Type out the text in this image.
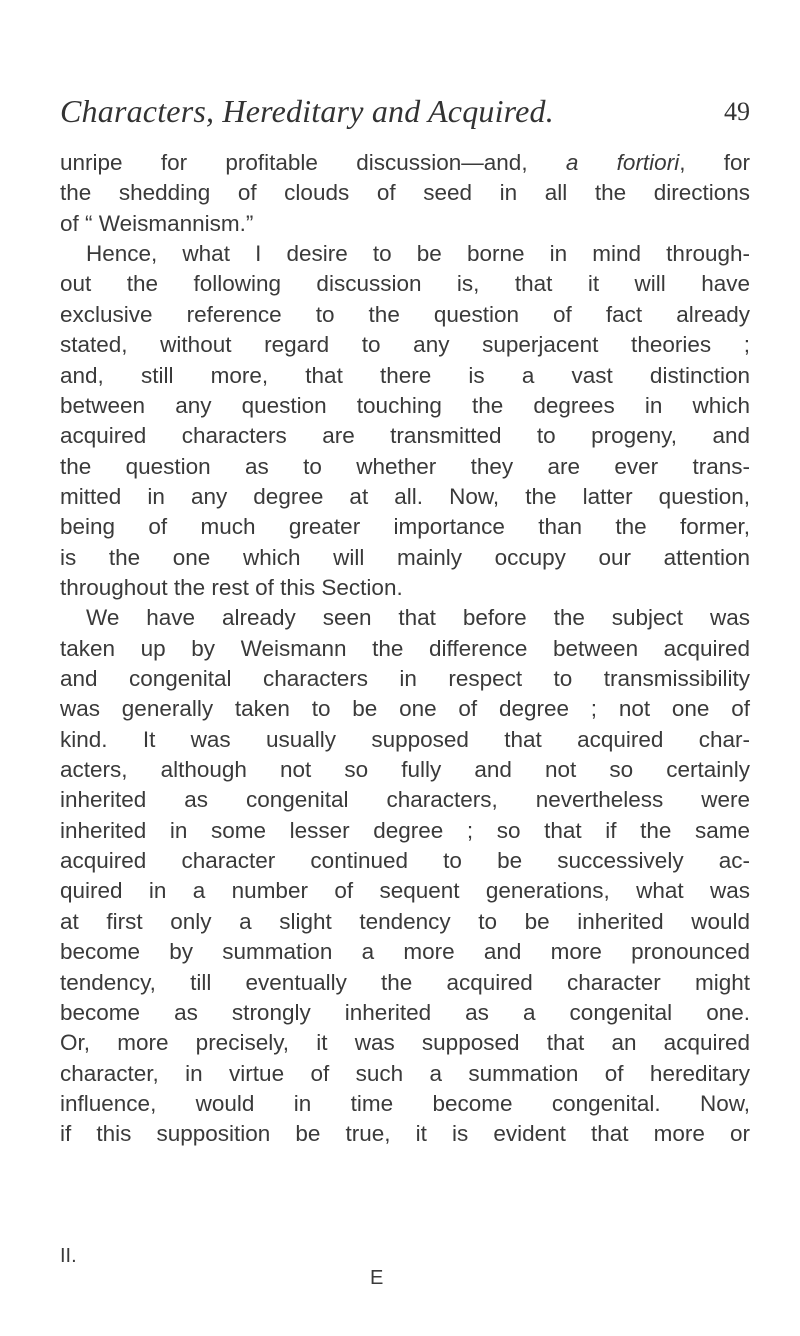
Characters, Hereditary and Acquired.	49
unripe for profitable discussion—and, a fortiori, for
the shedding of clouds of seed in all the directions
of “ Weismannism.”
Hence, what I desire to be borne in mind through-
out the following discussion is, that it will have
exclusive reference to the question of fact already
stated, without regard to any superjacent theories ;
and, still more, that there is a vast distinction
between any question touching the degrees in which
acquired characters are transmitted to progeny, and
the question as to whether they are ever trans-
mitted in any degree at all. Now, the latter question,
being of much greater importance than the former,
is the one which will mainly occupy our attention
throughout the rest of this Section.
We have already seen that before the subject was
taken up by Weismann the difference between acquired
and congenital characters in respect to transmissibility
was generally taken to be one of degree ; not one of
kind. It was usually supposed that acquired char-
acters, although not so fully and not so certainly
inherited as congenital characters, nevertheless were
inherited in some lesser degree ; so that if the same
acquired character continued to be successively ac-
quired in a number of sequent generations, what was
at first only a slight tendency to be inherited would
become by summation a more and more pronounced
tendency, till eventually the acquired character might
become as strongly inherited as a congenital one.
Or, more precisely, it was supposed that an acquired
character, in virtue of such a summation of hereditary
influence, would in time become congenital. Now,
if this supposition be true, it is evident that more or
II.
E
